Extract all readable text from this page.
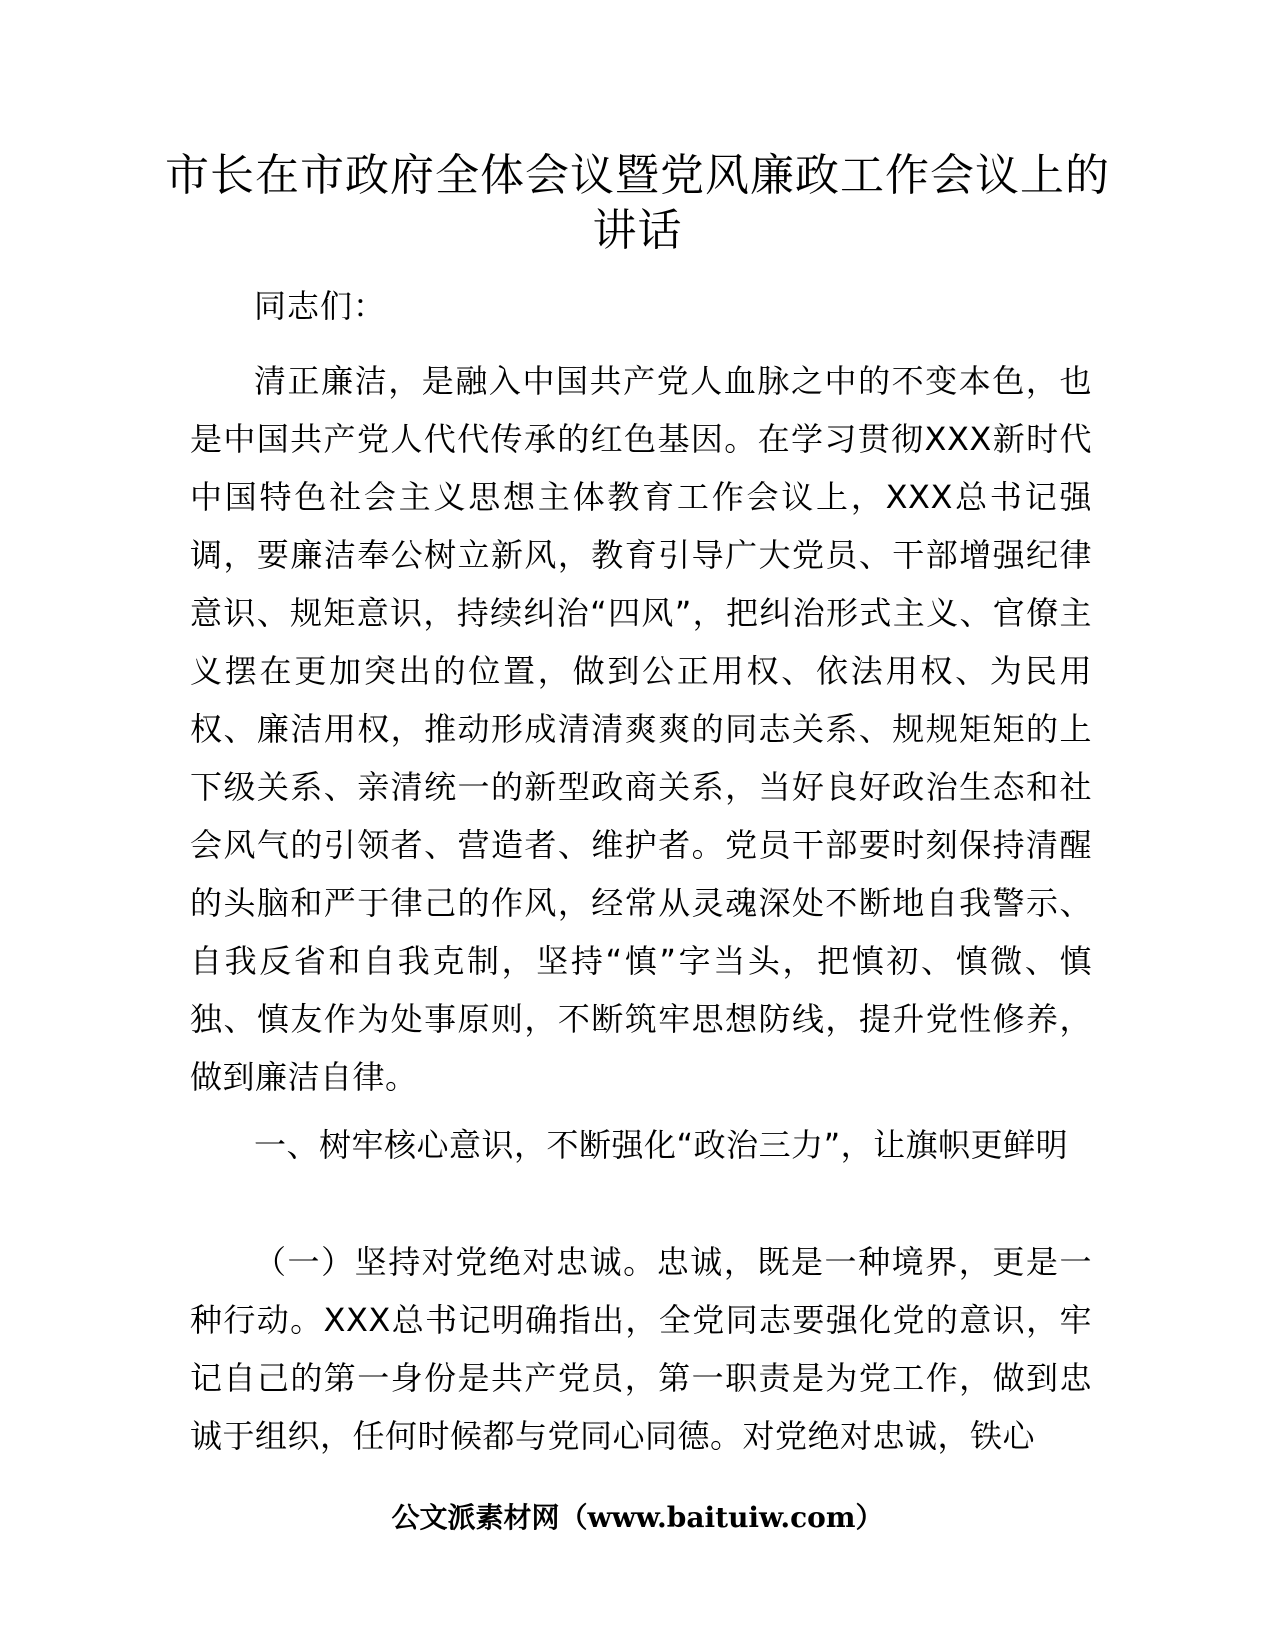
市长在市政府全体会议暨党风廉政工作会议上的讲话

同志们：

清正廉洁，是融入中国共产党人血脉之中的不变本色，也是中国共产党人代代传承的红色基因。在学习贯彻XXX新时代中国特色社会主义思想主体教育工作会议上，XXX总书记强调，要廉洁奉公树立新风，教育引导广大党员、干部增强纪律意识、规矩意识，持续纠治“四风”，把纠治形式主义、官僚主义摆在更加突出的位置，做到公正用权、依法用权、为民用权、廉洁用权，推动形成清清爽爽的同志关系、规规矩矩的上下级关系、亲清统一的新型政商关系，当好良好政治生态和社会风气的引领者、营造者、维护者。党员干部要时刻保持清醒的头脑和严于律己的作风，经常从灵魂深处不断地自我警示、自我反省和自我克制，坚持“慎”字当头，把慎初、慎微、慎独、慎友作为处事原则，不断筑牢思想防线，提升党性修养，做到廉洁自律。

一、树牢核心意识，不断强化“政治三力”，让旗帜更鲜明

（一）坚持对党绝对忠诚。忠诚，既是一种境界，更是一种行动。XXX总书记明确指出，全党同志要强化党的意识，牢记自己的第一身份是共产党员，第一职责是为党工作，做到忠诚于组织，任何时候都与党同心同德。对党绝对忠诚，铁心

公文派素材网（www.baituiw.com）
